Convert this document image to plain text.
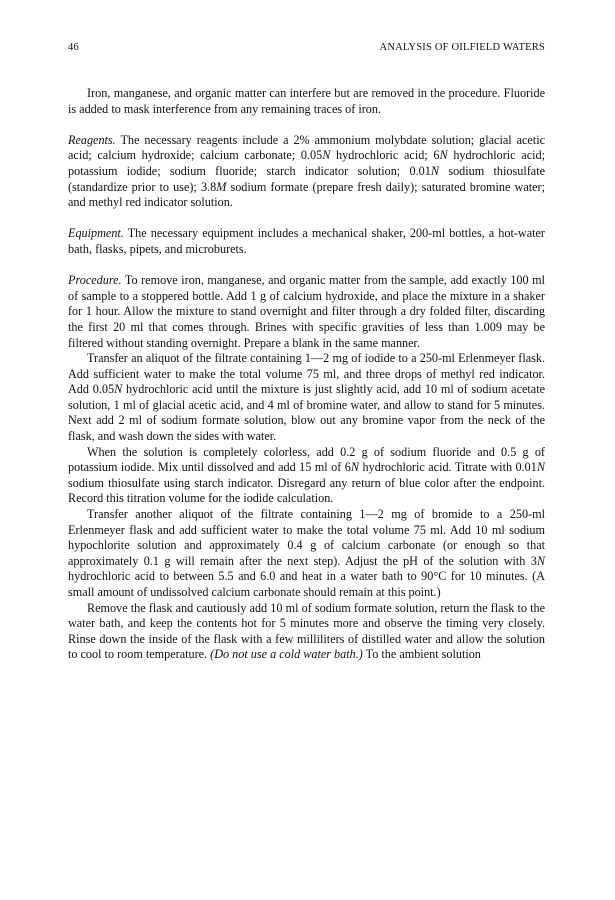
46	ANALYSIS OF OILFIELD WATERS

Iron, manganese, and organic matter can interfere but are removed in the procedure. Fluoride is added to mask interference from any remaining traces of iron.

Reagents. The necessary reagents include a 2% ammonium molybdate solution; glacial acetic acid; calcium hydroxide; calcium carbonate; 0.05N hydrochloric acid; 6N hydrochloric acid; potassium iodide; sodium fluoride; starch indicator solution; 0.01N sodium thiosulfate (standardize prior to use); 3.8M sodium formate (prepare fresh daily); saturated bromine water; and methyl red indicator solution.

Equipment. The necessary equipment includes a mechanical shaker, 200-ml bottles, a hot-water bath, flasks, pipets, and microburets.

Procedure. To remove iron, manganese, and organic matter from the sample, add exactly 100 ml of sample to a stoppered bottle. Add 1 g of calcium hydroxide, and place the mixture in a shaker for 1 hour. Allow the mixture to stand overnight and filter through a dry folded filter, discarding the first 20 ml that comes through. Brines with specific gravities of less than 1.009 may be filtered without standing overnight. Prepare a blank in the same manner.

Transfer an aliquot of the filtrate containing 1—2 mg of iodide to a 250-ml Erlenmeyer flask. Add sufficient water to make the total volume 75 ml, and three drops of methyl red indicator. Add 0.05N hydrochloric acid until the mixture is just slightly acid, add 10 ml of sodium acetate solution, 1 ml of glacial acetic acid, and 4 ml of bromine water, and allow to stand for 5 minutes. Next add 2 ml of sodium formate solution, blow out any bromine vapor from the neck of the flask, and wash down the sides with water.

When the solution is completely colorless, add 0.2 g of sodium fluoride and 0.5 g of potassium iodide. Mix until dissolved and add 15 ml of 6N hydrochloric acid. Titrate with 0.01N sodium thiosulfate using starch indicator. Disregard any return of blue color after the endpoint. Record this titration volume for the iodide calculation.

Transfer another aliquot of the filtrate containing 1—2 mg of bromide to a 250-ml Erlenmeyer flask and add sufficient water to make the total volume 75 ml. Add 10 ml sodium hypochlorite solution and approximately 0.4 g of calcium carbonate (or enough so that approximately 0.1 g will remain after the next step). Adjust the pH of the solution with 3N hydrochloric acid to between 5.5 and 6.0 and heat in a water bath to 90°C for 10 minutes. (A small amount of undissolved calcium carbonate should remain at this point.)

Remove the flask and cautiously add 10 ml of sodium formate solution, return the flask to the water bath, and keep the contents hot for 5 minutes more and observe the timing very closely. Rinse down the inside of the flask with a few milliliters of distilled water and allow the solution to cool to room temperature. (Do not use a cold water bath.) To the ambient solution
